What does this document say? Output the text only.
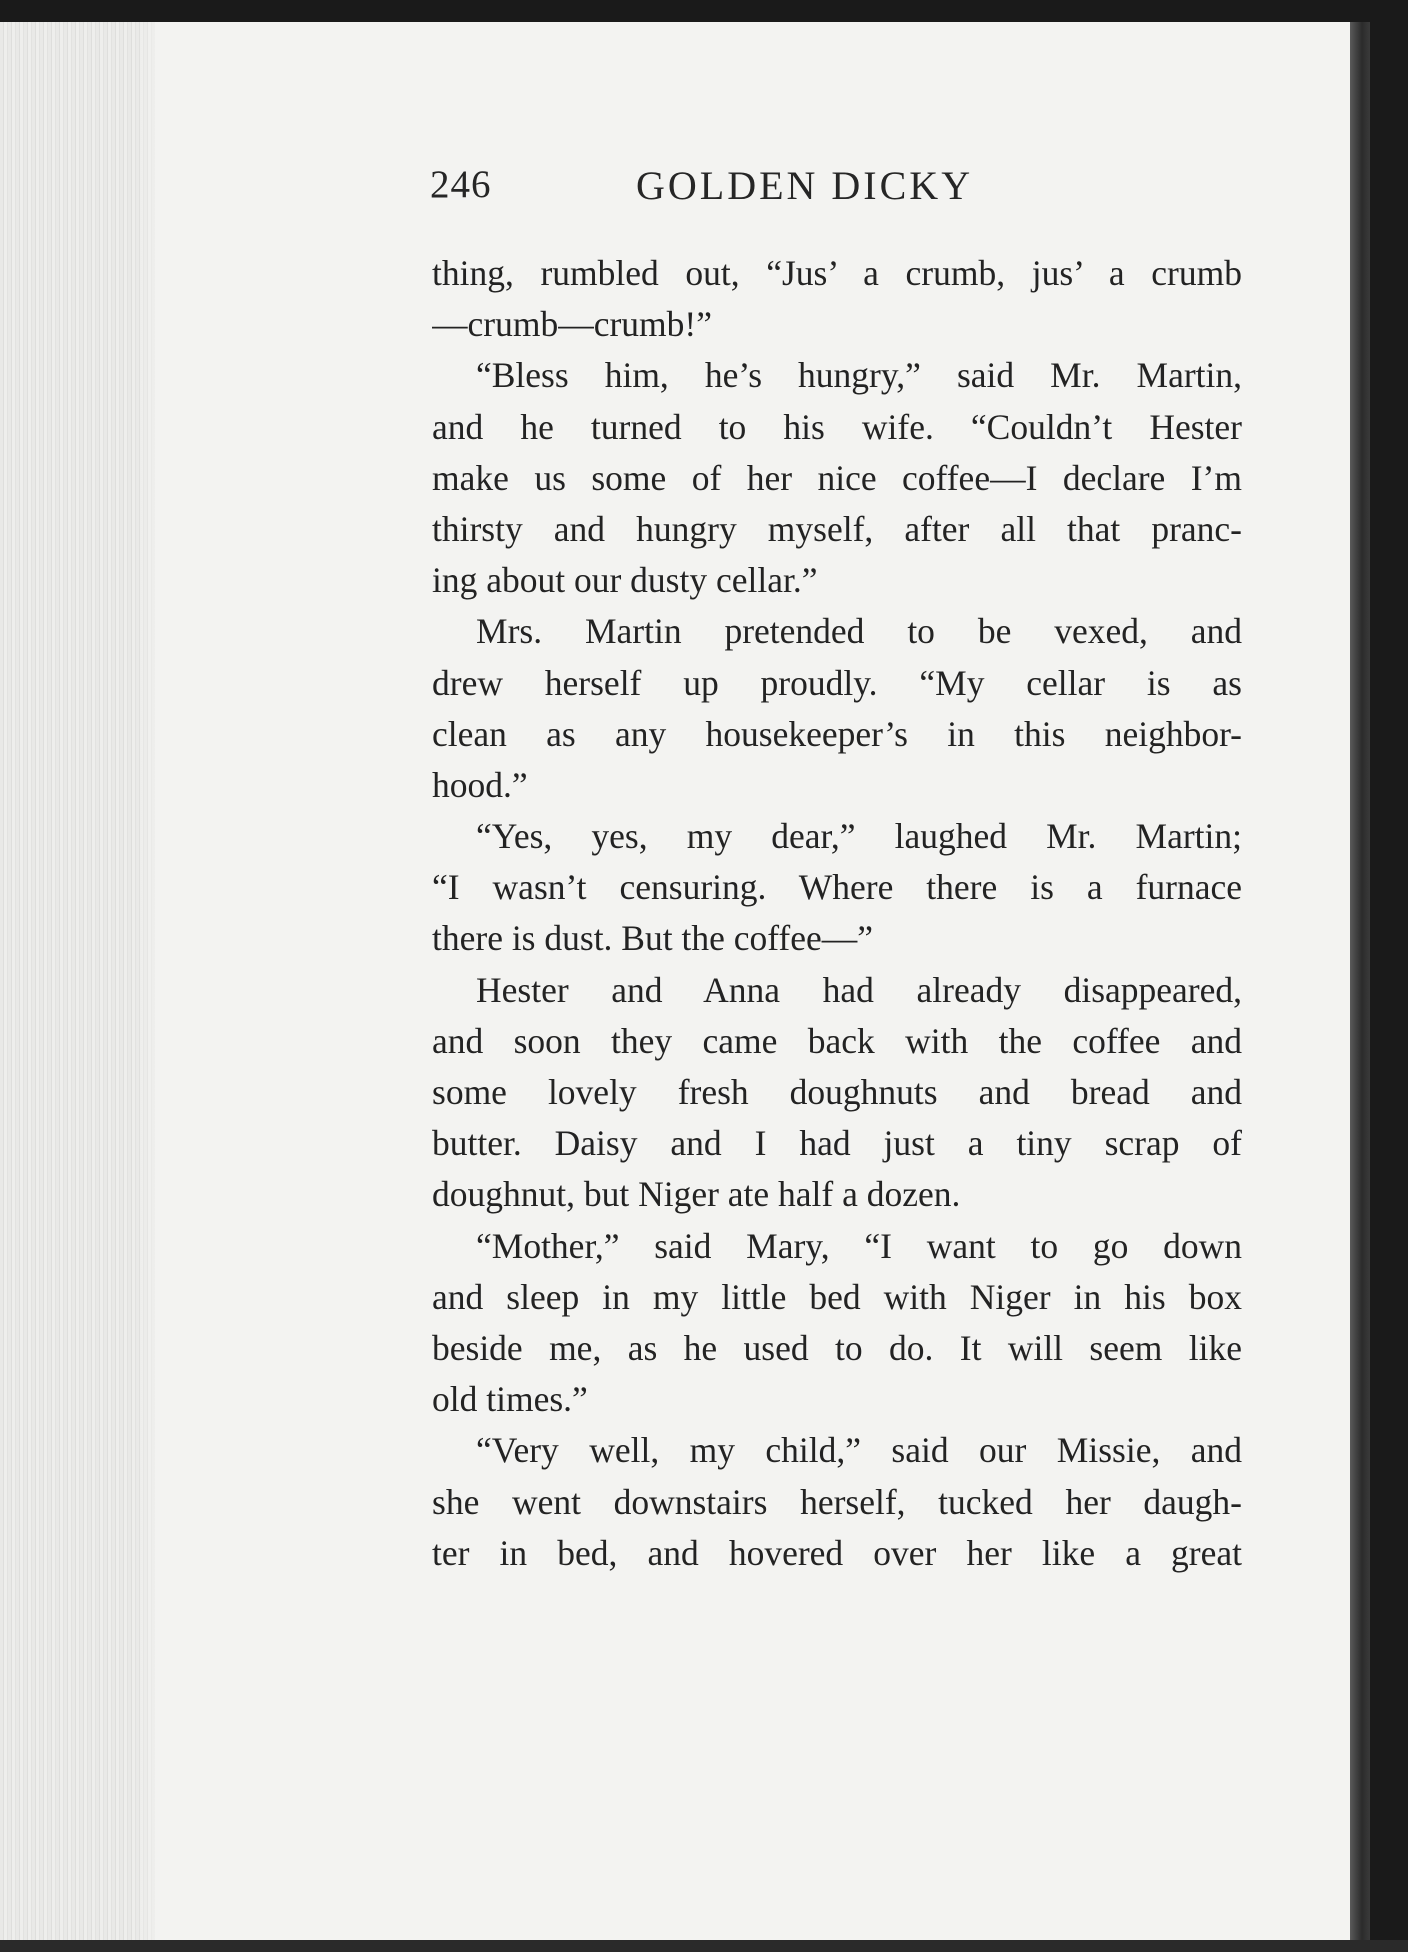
246	GOLDEN DICKY
thing, rumbled out, “Jus’ a crumb, jus’ a crumb
—crumb—crumb!”
“Bless him, he’s hungry,” said Mr. Martin,
and he turned to his wife. “Couldn’t Hester
make us some of her nice coffee—I declare I’m
thirsty and hungry myself, after all that pranc-
ing about our dusty cellar.”
Mrs. Martin pretended to be vexed, and
drew herself up proudly. “My cellar is as
clean as any housekeeper’s in this neighbor-
hood.”
“Yes, yes, my dear,” laughed Mr. Martin;
“I wasn’t censuring. Where there is a furnace
there is dust. But the coffee—”
Hester and Anna had already disappeared,
and soon they came back with the coffee and
some lovely fresh doughnuts and bread and
butter. Daisy and I had just a tiny scrap of
doughnut, but Niger ate half a dozen.
“Mother,” said Mary, “I want to go down
and sleep in my little bed with Niger in his box
beside me, as he used to do. It will seem like
old times.”
“Very well, my child,” said our Missie, and
she went downstairs herself, tucked her daugh-
ter in bed, and hovered over her like a great
